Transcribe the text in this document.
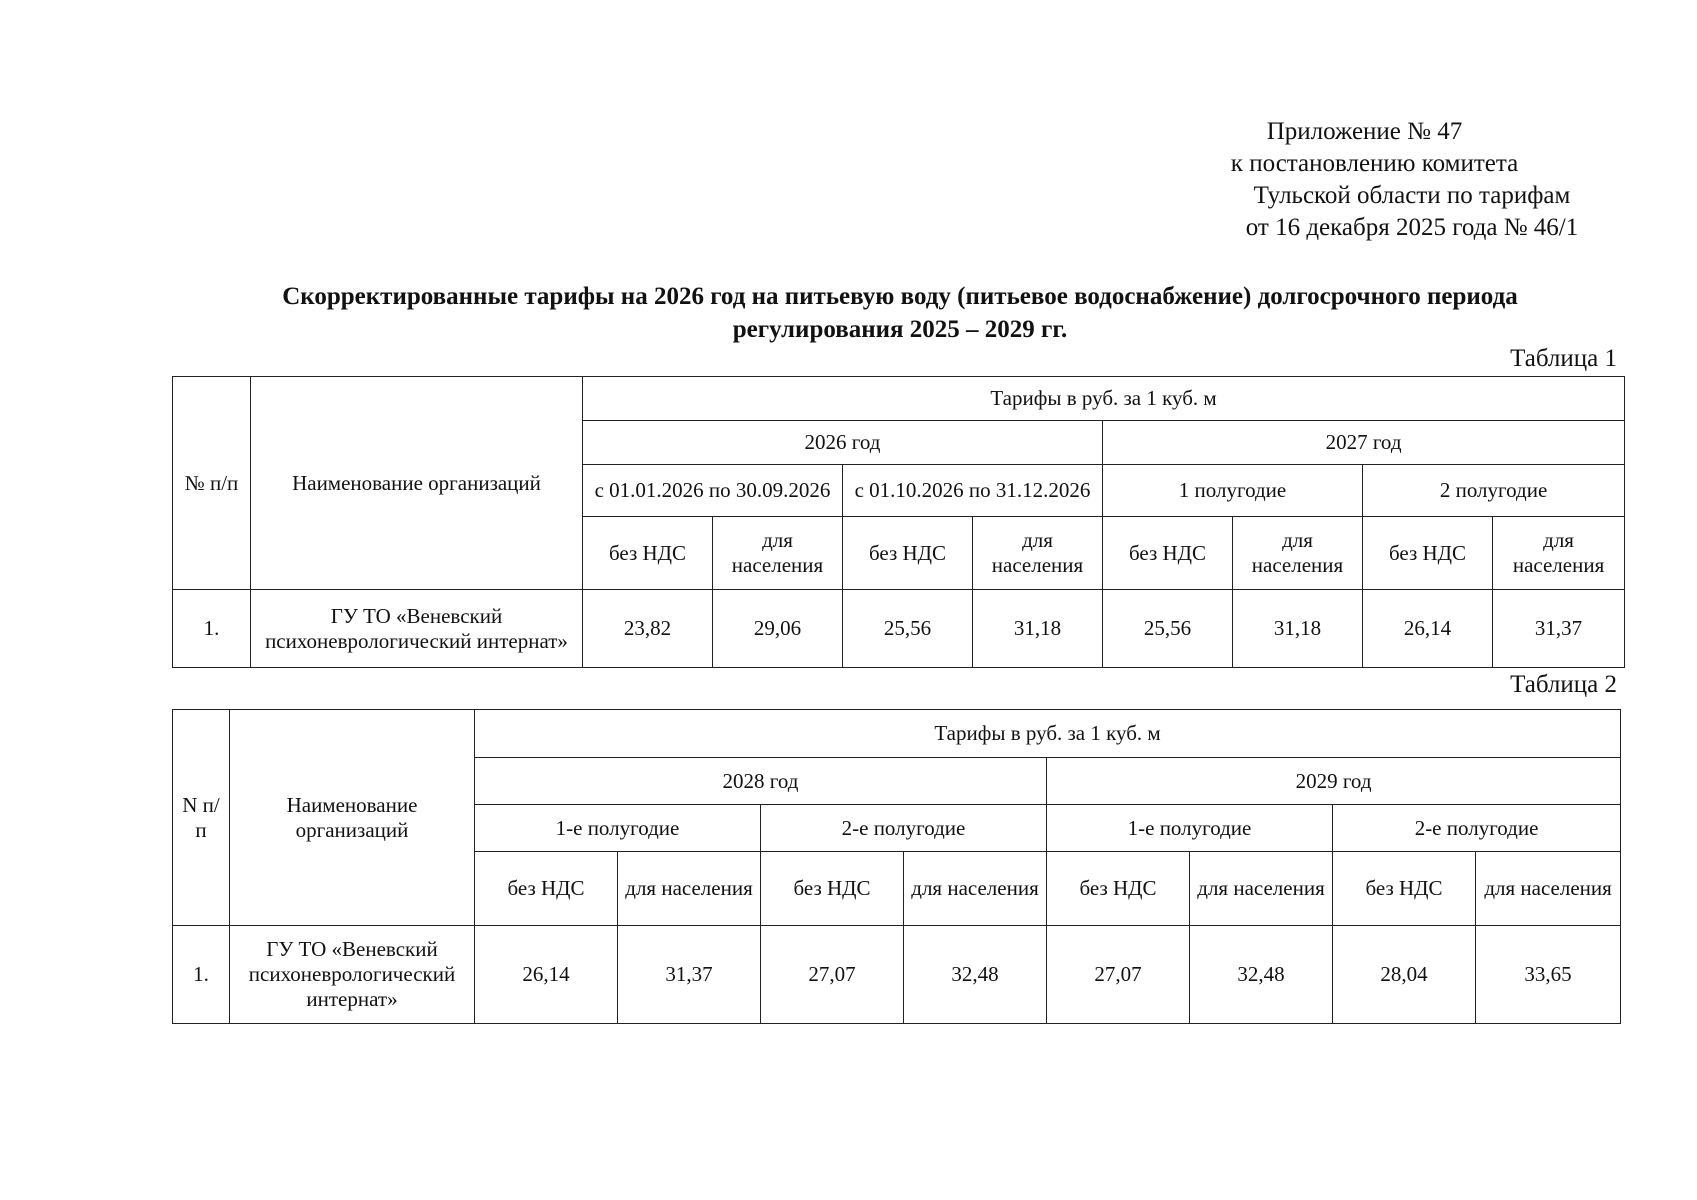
Приложение № 47
к постановлению комитета
Тульской области по тарифам
от 16 декабря 2025 года № 46/1
Скорректированные тарифы на 2026 год на питьевую воду (питьевое водоснабжение) долгосрочного периода
регулирования 2025 – 2029 гг.
Таблица 1
№ п/п	Наименование организаций	Тарифы в руб. за 1 куб. м							
		2026 год				2027 год			
		с 01.01.2026 по 30.09.2026		с 01.10.2026 по 31.12.2026		1 полугодие		2 полугодие	
		без НДС	для населения	без НДС	для населения	без НДС	для населения	без НДС	для населения
1.	ГУ ТО «Веневский психоневрологический интернат»	23,82	29,06	25,56	31,18	25,56	31,18	26,14	31,37
Таблица 2
N п/п	Наименование организаций	Тарифы в руб. за 1 куб. м							
		2028 год				2029 год			
		1-е полугодие		2-е полугодие		1-е полугодие		2-е полугодие	
		без НДС	для населения	без НДС	для населения	без НДС	для населения	без НДС	для населения
1.	ГУ ТО «Веневский психоневрологический интернат»	26,14	31,37	27,07	32,48	27,07	32,48	28,04	33,65
